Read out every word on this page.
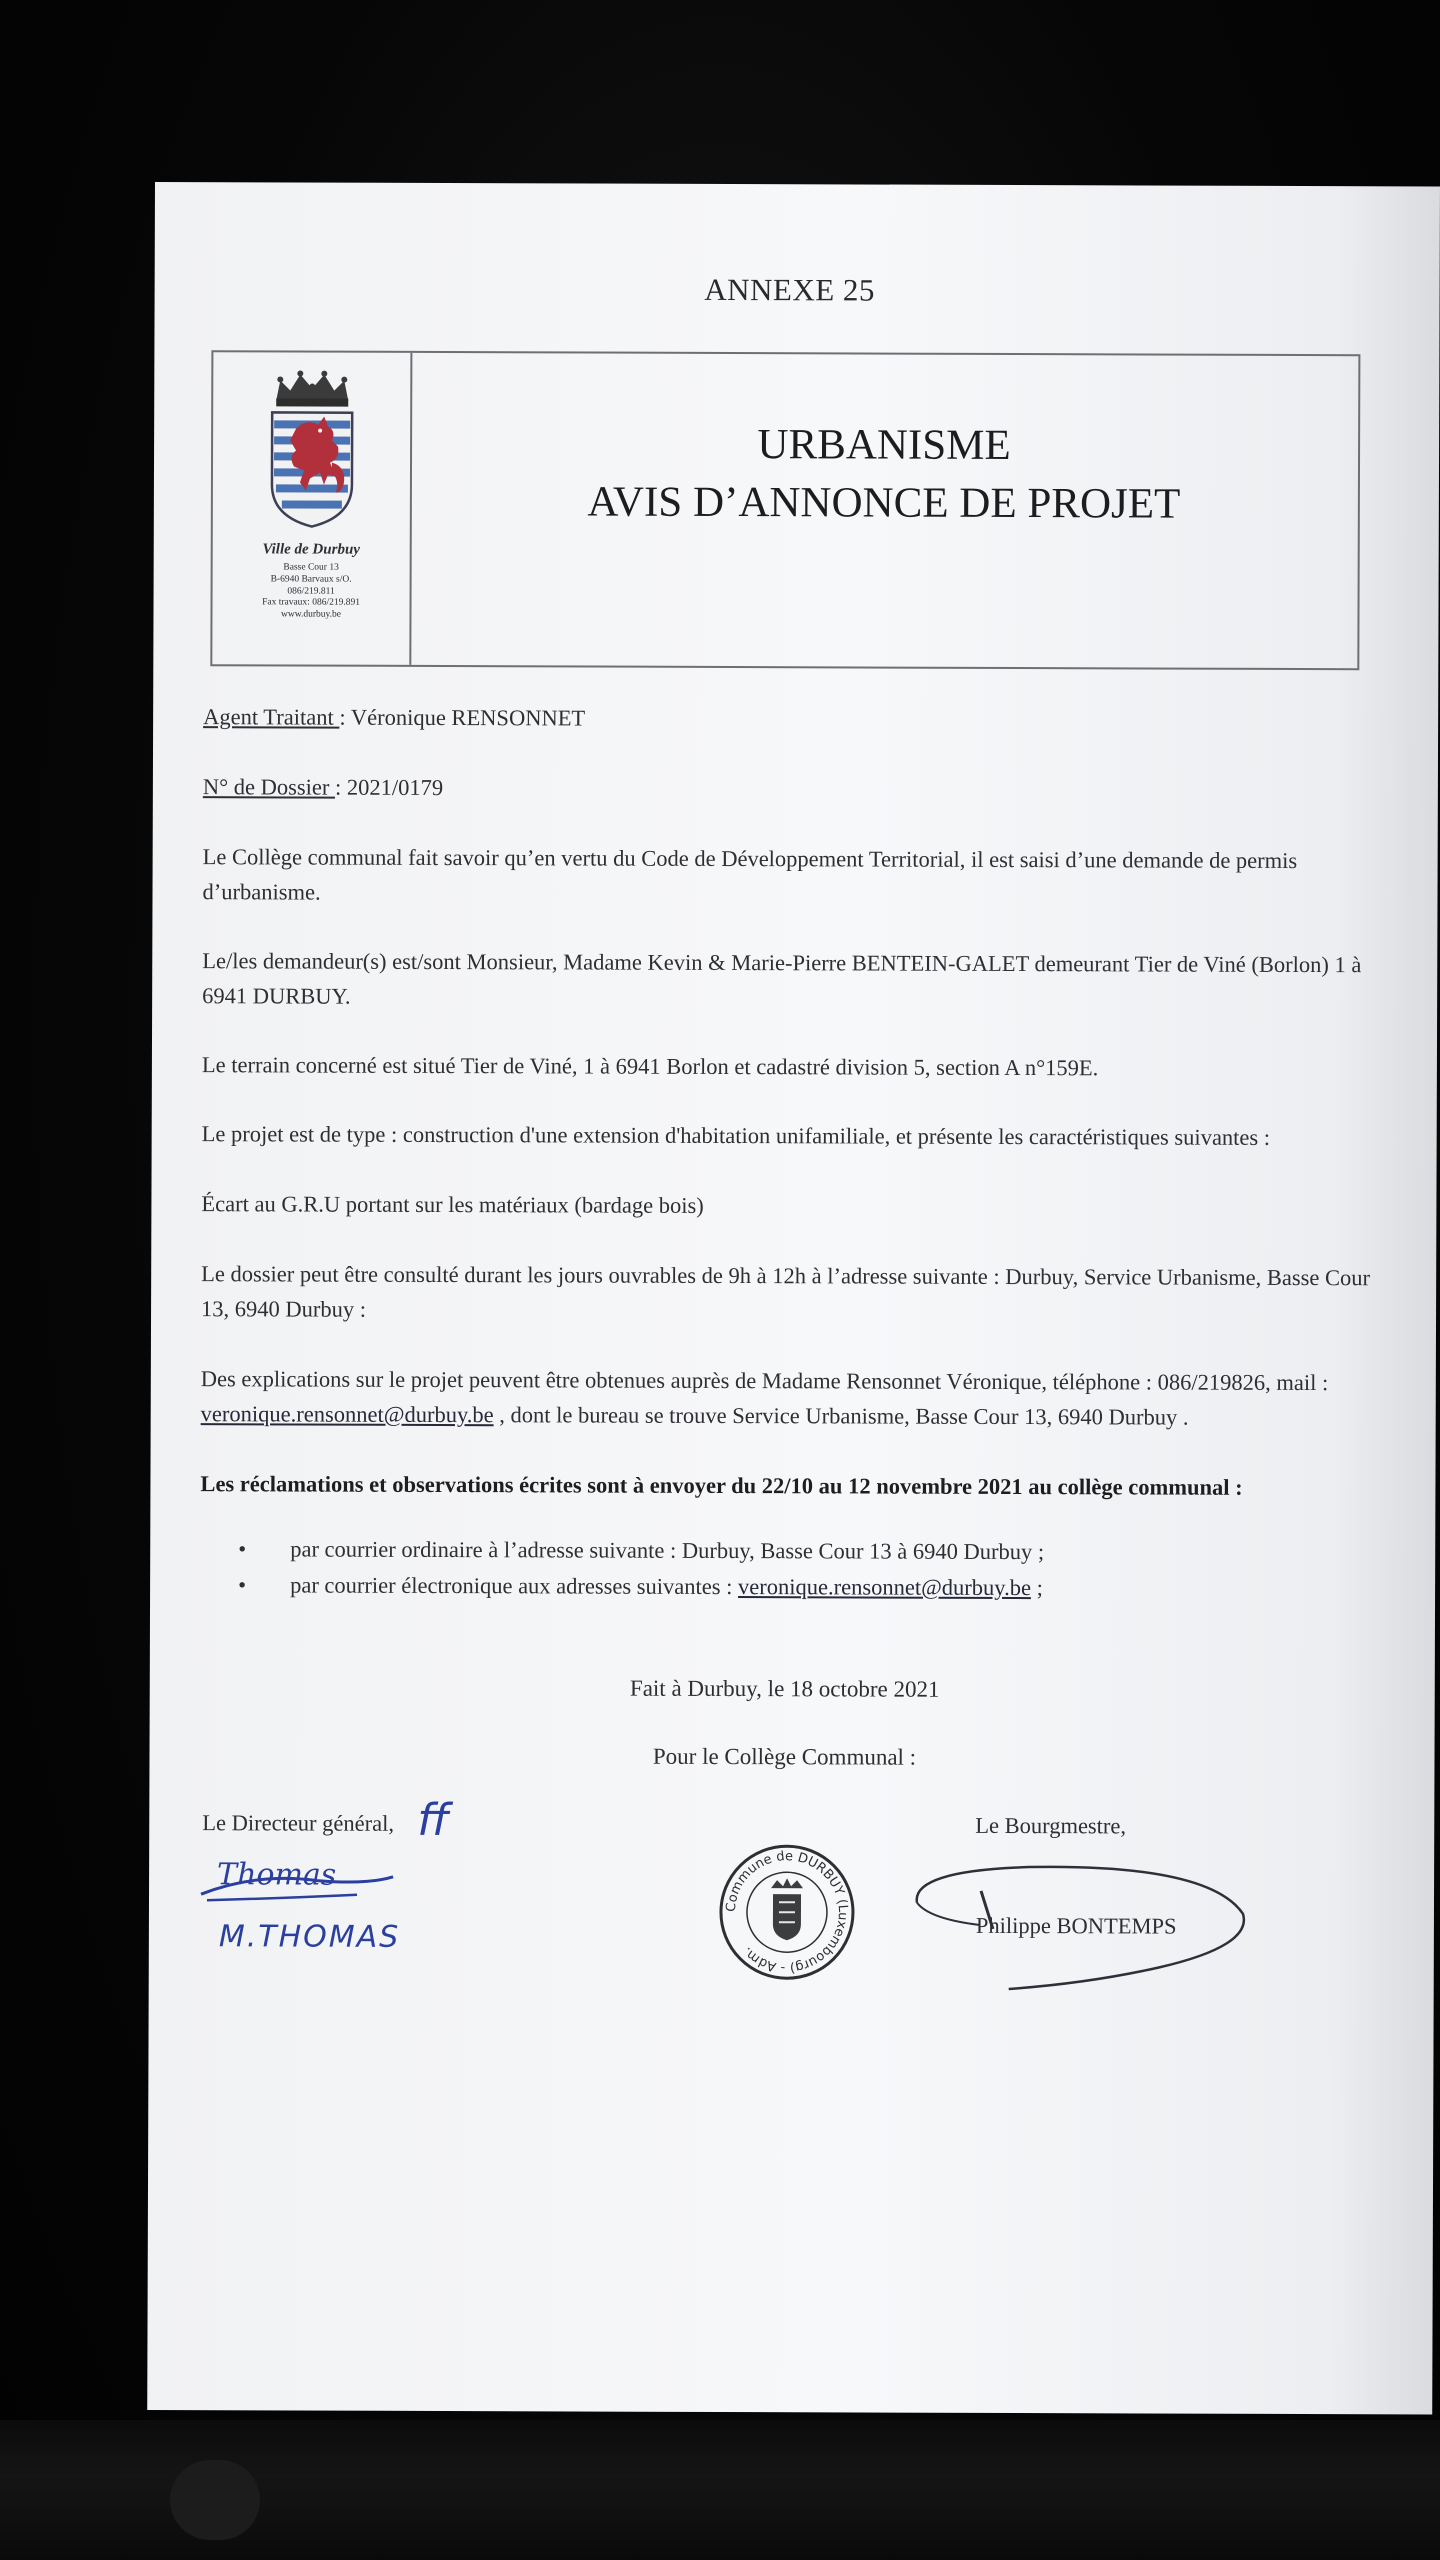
ANNEXE 25
Ville de Durbuy
Basse Cour 13
B-6940 Barvaux s/O.
086/219.811
Fax travaux: 086/219.891
www.durbuy.be
URBANISME
AVIS D’ANNONCE DE PROJET
Agent Traitant : Véronique RENSONNET
N° de Dossier : 2021/0179
Le Collège communal fait savoir qu’en vertu du Code de Développement Territorial, il est saisi d’une demande de permis d’urbanisme.
Le/les demandeur(s) est/sont Monsieur, Madame Kevin & Marie-Pierre BENTEIN-GALET demeurant Tier de Viné (Borlon) 1 à 6941 DURBUY.
Le terrain concerné est situé Tier de Viné, 1 à 6941 Borlon et cadastré division 5, section A n°159E.
Le projet est de type : construction d'une extension d'habitation unifamiliale, et présente les caractéristiques suivantes :
Écart au G.R.U portant sur les matériaux (bardage bois)
Le dossier peut être consulté durant les jours ouvrables de 9h à 12h à l’adresse suivante : Durbuy, Service Urbanisme, Basse Cour 13, 6940 Durbuy :
Des explications sur le projet peuvent être obtenues auprès de Madame Rensonnet Véronique, téléphone : 086/219826, mail : veronique.rensonnet@durbuy.be , dont le bureau se trouve Service Urbanisme, Basse Cour 13, 6940 Durbuy .
Les réclamations et observations écrites sont à envoyer du 22/10 au 12 novembre 2021 au collège communal :
• par courrier ordinaire à l’adresse suivante : Durbuy, Basse Cour 13 à 6940 Durbuy ;
• par courrier électronique aux adresses suivantes : veronique.rensonnet@durbuy.be ;
Fait à Durbuy, le 18 octobre 2021
Pour le Collège Communal :
Le Directeur général, ff
Thomas
M.THOMAS
Commune de DURBUY (Luxembourg) - Adm.
Le Bourgmestre,
Philippe BONTEMPS
